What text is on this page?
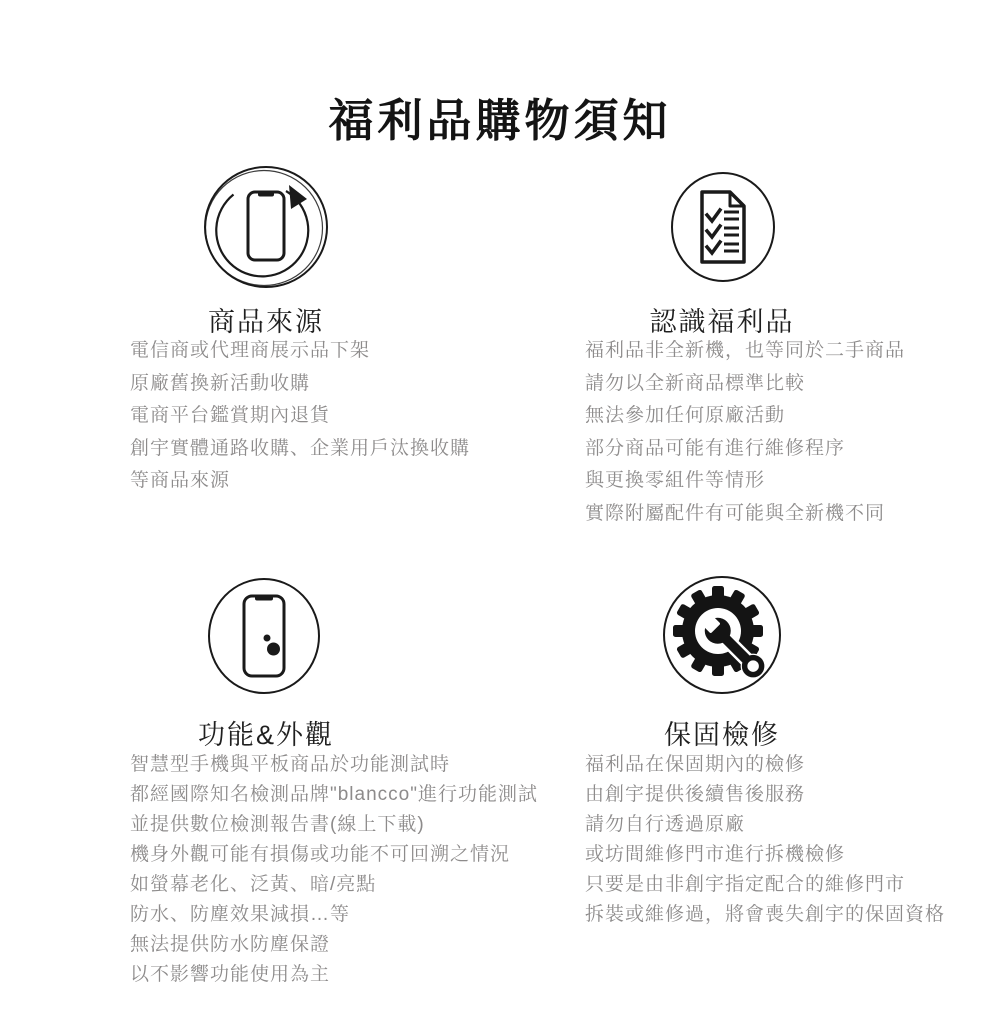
福利品購物須知
商品來源

電信商或代理商展示品下架

原廠舊換新活動收購

電商平台鑑賞期內退貨

創宇實體通路收購、企業用戶汰換收購

等商品來源

認識福利品

福利品非全新機，也等同於二手商品

請勿以全新商品標準比較

無法參加任何原廠活動

部分商品可能有進行維修程序

與更換零組件等情形

實際附屬配件有可能與全新機不同

功能&外觀

智慧型手機與平板商品於功能測試時

都經國際知名檢測品牌"blancco"進行功能測試

並提供數位檢測報告書(線上下載)

機身外觀可能有損傷或功能不可回溯之情況

如螢幕老化、泛黃、暗/亮點

防水、防塵效果減損…等

無法提供防水防塵保證

以不影響功能使用為主

保固檢修

福利品在保固期內的檢修

由創宇提供後續售後服務

請勿自行透過原廠

或坊間維修門市進行拆機檢修

只要是由非創宇指定配合的維修門市

拆裝或維修過，將會喪失創宇的保固資格
